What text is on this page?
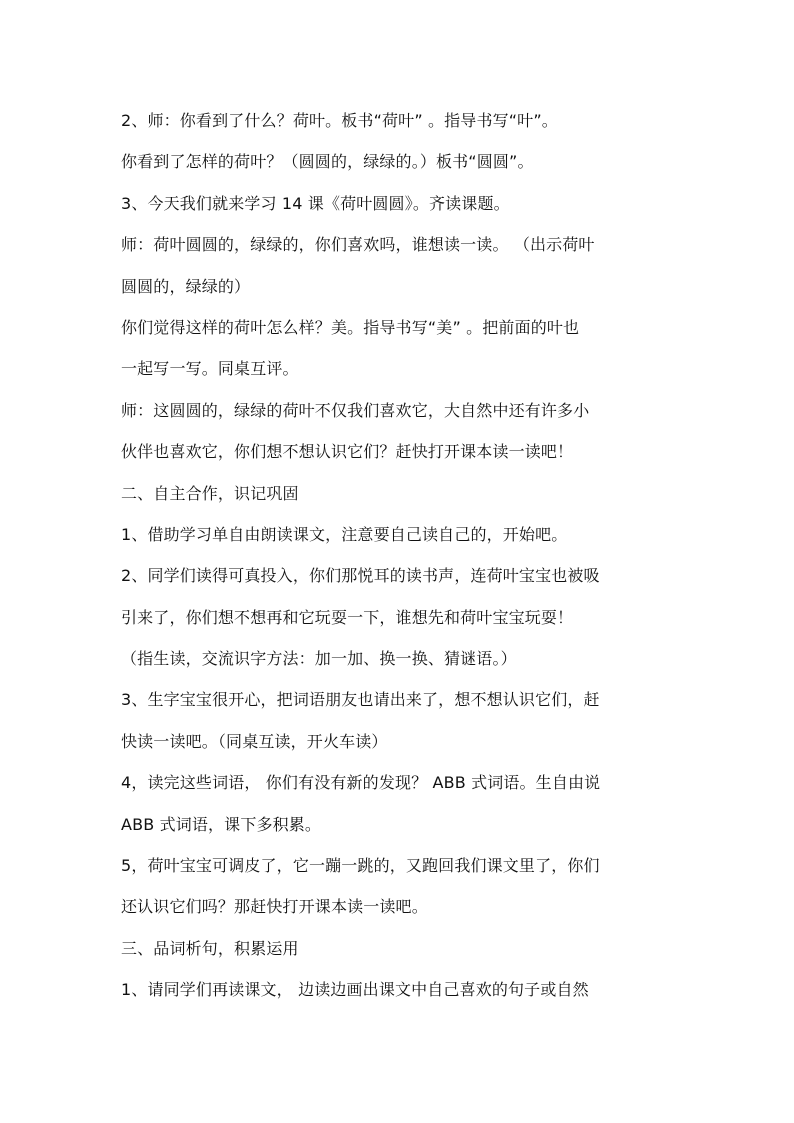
2、师：你看到了什么？荷叶。板书“荷叶” 。指导书写“叶”。
你看到了怎样的荷叶？（圆圆的，绿绿的。）板书“圆圆”。
3、今天我们就来学习 14 课《荷叶圆圆》。齐读课题。
师：荷叶圆圆的，绿绿的，你们喜欢吗，谁想读一读。 （出示荷叶
圆圆的，绿绿的）
你们觉得这样的荷叶怎么样？美。指导书写“美” 。把前面的叶也
一起写一写。同桌互评。
师：这圆圆的，绿绿的荷叶不仅我们喜欢它，大自然中还有许多小
伙伴也喜欢它，你们想不想认识它们？赶快打开课本读一读吧！
二、自主合作，识记巩固
1、借助学习单自由朗读课文，注意要自己读自己的，开始吧。
2、同学们读得可真投入，你们那悦耳的读书声，连荷叶宝宝也被吸
引来了，你们想不想再和它玩耍一下，谁想先和荷叶宝宝玩耍！
（指生读，交流识字方法：加一加、换一换、猜谜语。）
3、生字宝宝很开心，把词语朋友也请出来了，想不想认识它们，赶
快读一读吧。（同桌互读，开火车读）
4，读完这些词语， 你们有没有新的发现？ ABB 式词语。生自由说
ABB 式词语，课下多积累。
5，荷叶宝宝可调皮了，它一蹦一跳的，又跑回我们课文里了，你们
还认识它们吗？那赶快打开课本读一读吧。
三、品词析句，积累运用
1、请同学们再读课文， 边读边画出课文中自己喜欢的句子或自然
